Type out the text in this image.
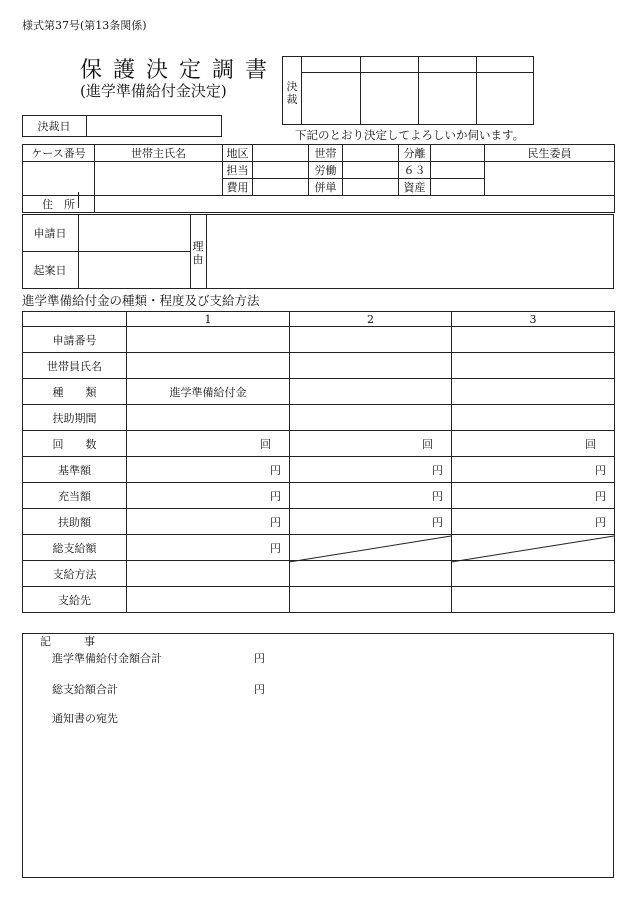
様式第37号(第13条関係)
保 護 決 定 調 書
(進学準備給付金決定)	決裁
決裁日
下記のとおり決定してよろしいか伺います。
ケース番号	世帯主氏名	地区		世帯		分離		民生委員
		担当		労働		６３		
		費用		併単		資産		
住　所								
申請日
起案日
理由
進学準備給付金の種類・程度及び支給方法
	1	2	3
申請番号			
世帯員氏名			
種　　類	進学準備給付金		
扶助期間			
回　　数	回	回	回
基準額	円	円	円
充当額	円	円	円
扶助額	円	円	円
総支給額	円		
支給方法			
支給先			
記　　　事
進学準備給付金額合計	円
総支給額合計	円
通知書の宛先
